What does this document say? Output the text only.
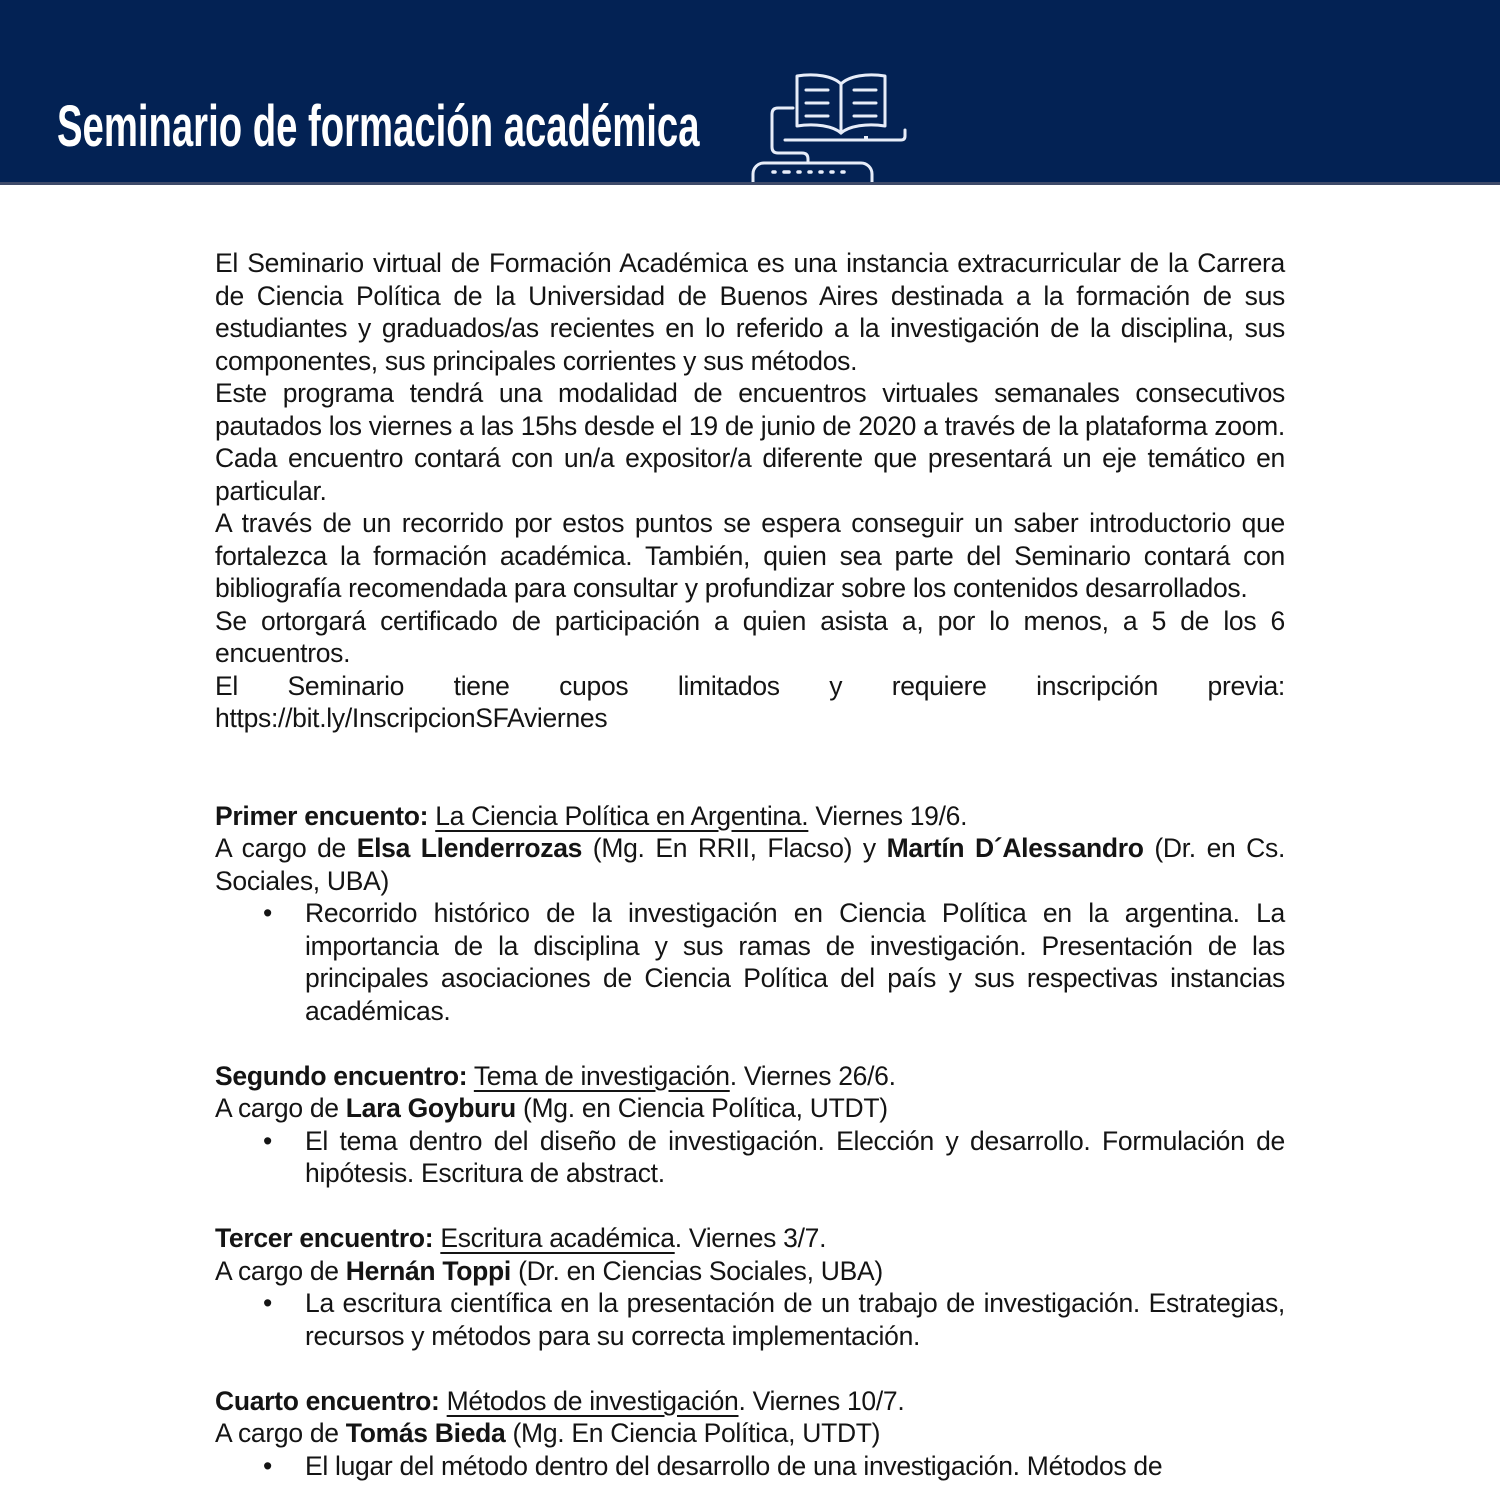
Seminario de formación académica

El Seminario virtual de Formación Académica es una instancia extracurricular de la Carrera de Ciencia Política de la Universidad de Buenos Aires destinada a la formación de sus estudiantes y graduados/as recientes en lo referido a la investigación de la disciplina, sus componentes, sus principales corrientes y sus métodos.

Este programa tendrá una modalidad de encuentros virtuales semanales consecutivos pautados los viernes a las 15hs desde el 19 de junio de 2020 a través de la plataforma zoom. Cada encuentro contará con un/a expositor/a diferente que presentará un eje temático en particular.

A través de un recorrido por estos puntos se espera conseguir un saber introductorio que fortalezca la formación académica. También, quien sea parte del Seminario contará con bibliografía recomendada para consultar y profundizar sobre los contenidos desarrollados.

Se ortorgará certificado de participación a quien asista a, por lo menos, a 5 de los 6 encuentros.

El Seminario tiene cupos limitados y requiere inscripción previa: https://bit.ly/InscripcionSFAviernes

Primer encuento: La Ciencia Política en Argentina. Viernes 19/6.

A cargo de Elsa Llenderrozas (Mg. En RRII, Flacso) y Martín D´Alessandro (Dr. en Cs. Sociales, UBA)

• Recorrido histórico de la investigación en Ciencia Política en la argentina. La importancia de la disciplina y sus ramas de investigación. Presentación de las principales asociaciones de Ciencia Política del país y sus respectivas instancias académicas.

Segundo encuentro: Tema de investigación. Viernes 26/6.

A cargo de Lara Goyburu (Mg. en Ciencia Política, UTDT)

• El tema dentro del diseño de investigación. Elección y desarrollo. Formulación de hipótesis. Escritura de abstract.

Tercer encuentro: Escritura académica. Viernes 3/7.

A cargo de Hernán Toppi (Dr. en Ciencias Sociales, UBA)

• La escritura científica en la presentación de un trabajo de investigación. Estrategias, recursos y métodos para su correcta implementación.

Cuarto encuentro: Métodos de investigación. Viernes 10/7.

A cargo de Tomás Bieda (Mg. En Ciencia Política, UTDT)

• El lugar del método dentro del desarrollo de una investigación. Métodos de
